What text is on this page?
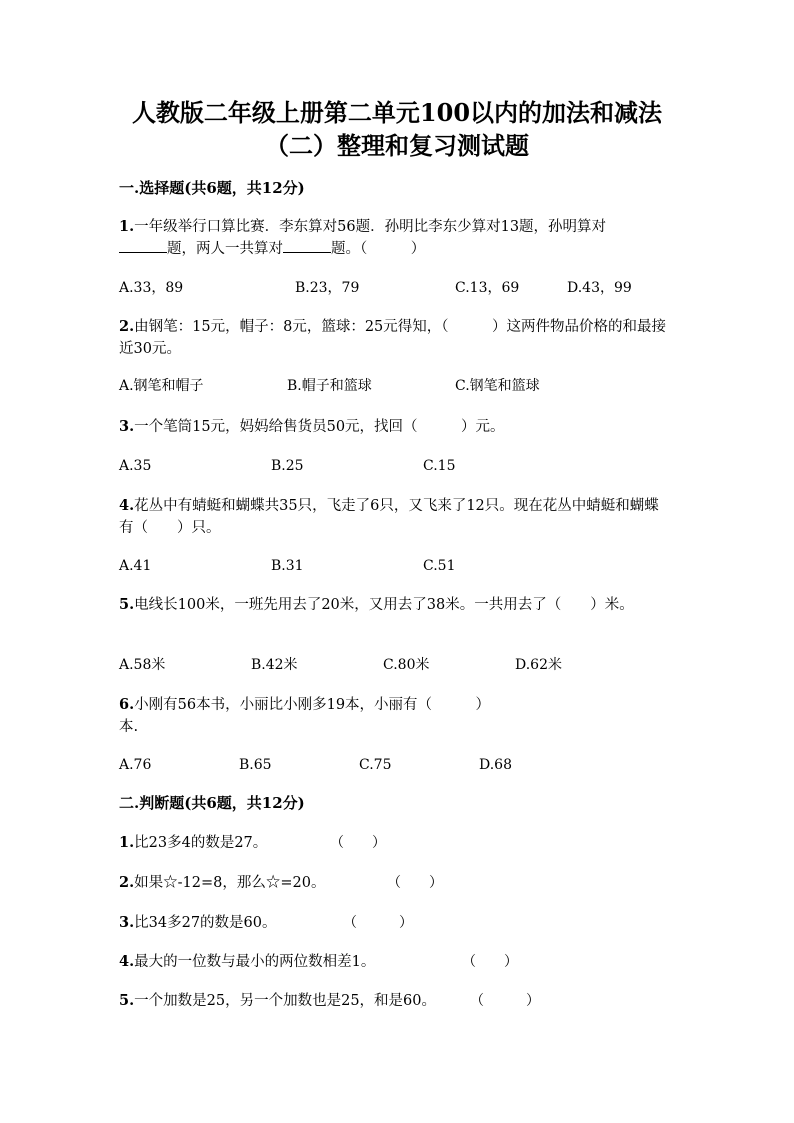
人教版二年级上册第二单元100以内的加法和减法
（二）整理和复习测试题
一.选择题(共6题，共12分)
1.一年级举行口算比赛．李东算对56题．孙明比李东少算对13题，孙明算对
题，两人一共算对	题。（　　　）
A.33，89	B.23，79	C.13，69	D.43，99
2.由钢笔：15元，帽子：8元，篮球：25元得知，（　　　）这两件物品价格的和最接近30元。
A.钢笔和帽子	B.帽子和篮球	C.钢笔和篮球
3.一个笔筒15元，妈妈给售货员50元，找回（　　　）元。
A.35	B.25	C.15
4.花丛中有蜻蜓和蝴蝶共35只，飞走了6只，又飞来了12只。现在花丛中蜻蜓和蝴蝶有（　　）只。
A.41	B.31	C.51
5.电线长100米，一班先用去了20米，又用去了38米。一共用去了（　　）米。
A.58米	B.42米	C.80米	D.62米
6.小刚有56本书，小丽比小刚多19本，小丽有（　　　）
本.
A.76	B.65	C.75	D.68
二.判断题(共6题，共12分)
1.比23多4的数是27。	（　　）
2.如果☆-12=8，那么☆=20。	（　　）
3.比34多27的数是60。	（　　　）
4.最大的一位数与最小的两位数相差1。	（　　）
5.一个加数是25，另一个加数也是25，和是60。 （　　　）
